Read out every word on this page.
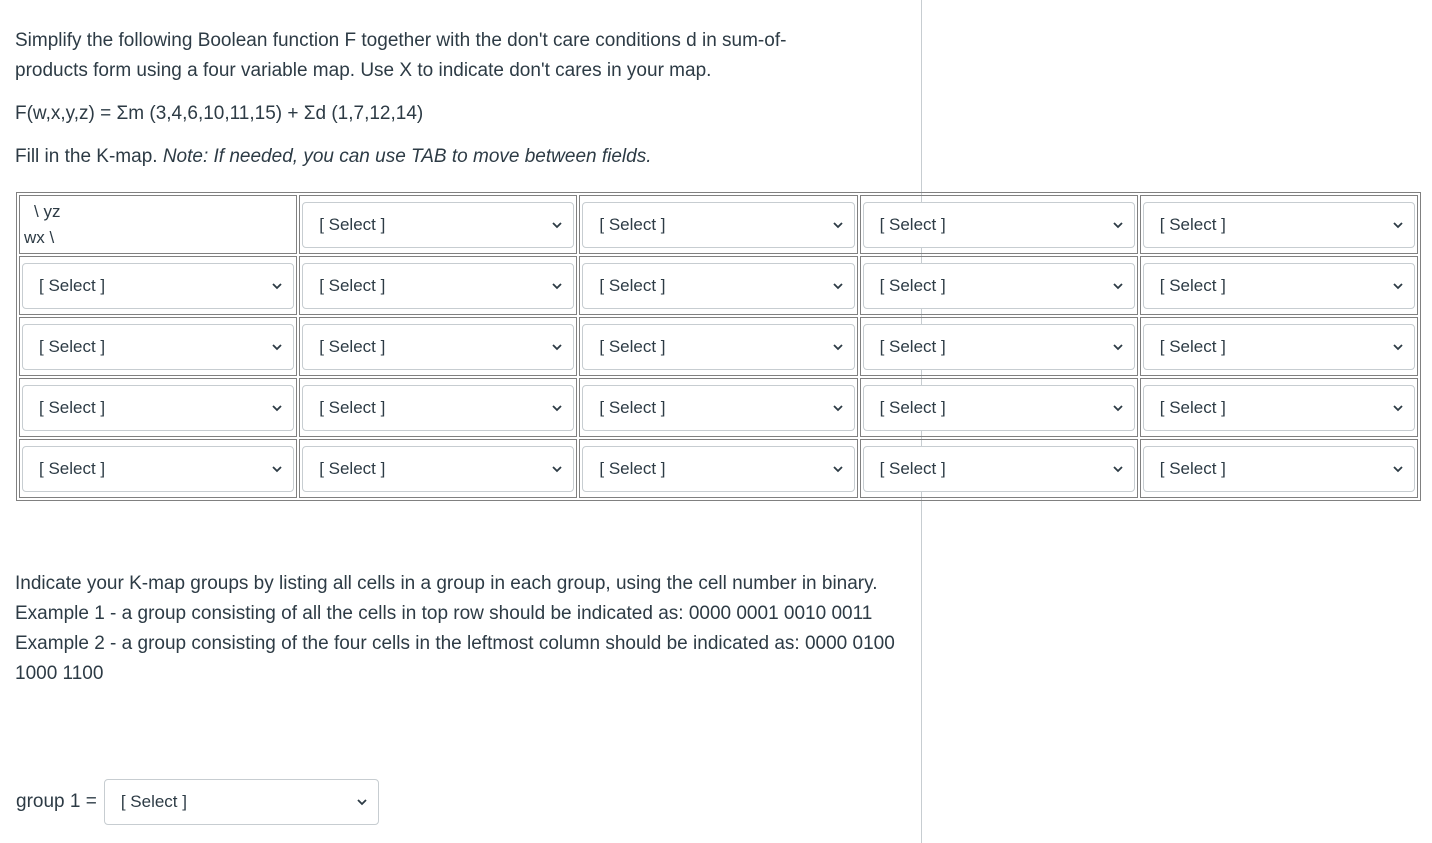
Simplify the following Boolean function F together with the don't care conditions d in sum-of-products form using a four variable map. Use X to indicate don't cares in your map.

F(w,x,y,z) = Σm (3,4,6,10,11,15) + Σd (1,7,12,14)

Fill in the K-map. Note: If needed, you can use TAB to move between fields.

\ yz
wx \	[ Select ]	[ Select ]	[ Select ]	[ Select ]

[ Select ]	[ Select ]	[ Select ]	[ Select ]	[ Select ]

[ Select ]	[ Select ]	[ Select ]	[ Select ]	[ Select ]

[ Select ]	[ Select ]	[ Select ]	[ Select ]	[ Select ]

[ Select ]	[ Select ]	[ Select ]	[ Select ]	[ Select ]

Indicate your K-map groups by listing all cells in a group in each group, using the cell number in binary.

Example 1 - a group consisting of all the cells in top row should be indicated as: 0000 0001 0010 0011

Example 2 - a group consisting of the four cells in the leftmost column should be indicated as: 0000 0100 1000 1100

group 1 = [ Select ]
